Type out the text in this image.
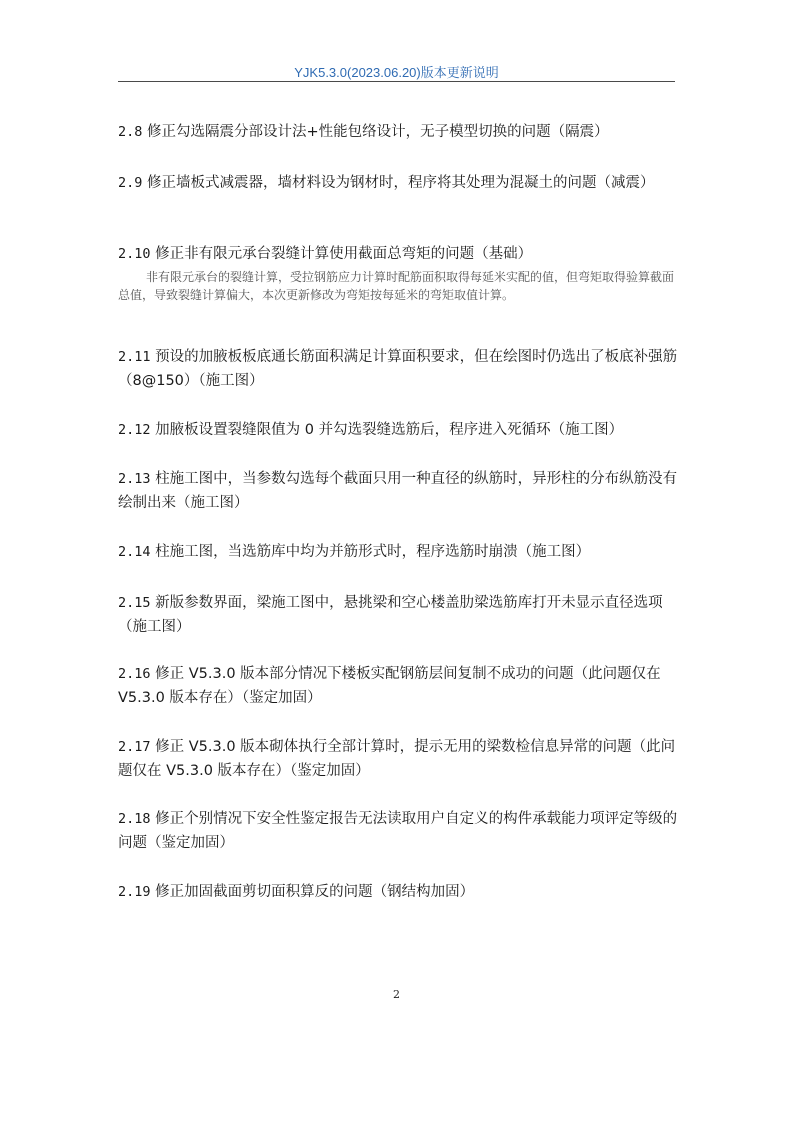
YJK5.3.0(2023.06.20)版本更新说明
2.8 修正勾选隔震分部设计法+性能包络设计，无子模型切换的问题（隔震）
2.9 修正墙板式减震器，墙材料设为钢材时，程序将其处理为混凝土的问题（减震）
2.10 修正非有限元承台裂缝计算使用截面总弯矩的问题（基础）
非有限元承台的裂缝计算，受拉钢筋应力计算时配筋面积取得每延米实配的值，但弯矩取得验算截面总值，导致裂缝计算偏大，本次更新修改为弯矩按每延米的弯矩取值计算。
2.11 预设的加腋板板底通长筋面积满足计算面积要求，但在绘图时仍选出了板底补强筋（8@150）（施工图）
2.12 加腋板设置裂缝限值为 0 并勾选裂缝选筋后，程序进入死循环（施工图）
2.13 柱施工图中，当参数勾选每个截面只用一种直径的纵筋时，异形柱的分布纵筋没有绘制出来（施工图）
2.14 柱施工图，当选筋库中均为并筋形式时，程序选筋时崩溃（施工图）
2.15 新版参数界面，梁施工图中，悬挑梁和空心楼盖肋梁选筋库打开未显示直径选项（施工图）
2.16 修正 V5.3.0 版本部分情况下楼板实配钢筋层间复制不成功的问题（此问题仅在 V5.3.0 版本存在）（鉴定加固）
2.17 修正 V5.3.0 版本砌体执行全部计算时，提示无用的梁数检信息异常的问题（此问题仅在 V5.3.0 版本存在）（鉴定加固）
2.18 修正个别情况下安全性鉴定报告无法读取用户自定义的构件承载能力项评定等级的问题（鉴定加固）
2.19 修正加固截面剪切面积算反的问题（钢结构加固）
2
